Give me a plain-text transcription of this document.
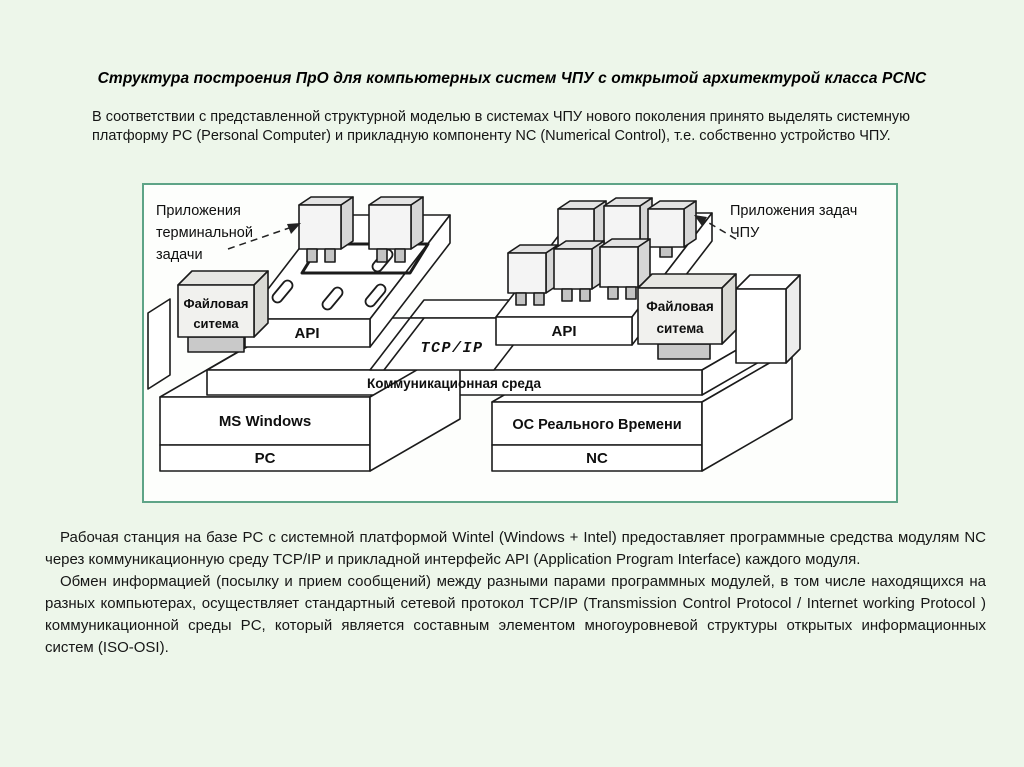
Структура построения ПрО для компьютерных систем ЧПУ с открытой архитектурой класса PCNC
В соответствии с представленной структурной моделью в системах ЧПУ нового поколения принято выделять системную платформу PC (Personal Computer) и прикладную компоненту NC (Numerical Control), т.е. собственно устройство ЧПУ.
Приложения
терминальной
задачи
Приложения задач
ЧПУ
Файловая
ситема
Файловая
ситема
API	API
TCP/IP
Коммуникационная среда
MS Windows
PC
ОС Реального Времени
NC

Рабочая станция на базе PC с системной платформой Wintel (Windows + Intel) предоставляет программные средства модулям NC через коммуникационную среду TCP/IP и прикладной интерфейс API (Application Program Interface) каждого модуля.

Обмен информацией (посылку и прием сообщений) между разными парами программных модулей, в том числе находящихся на разных компьютерах, осуществляет стандартный сетевой протокол TCP/IP (Transmission Control Protocol / Internet working Protocol ) коммуникационной среды PC, который является составным элементом многоуровневой структуры открытых информационных систем (ISO-OSI).
